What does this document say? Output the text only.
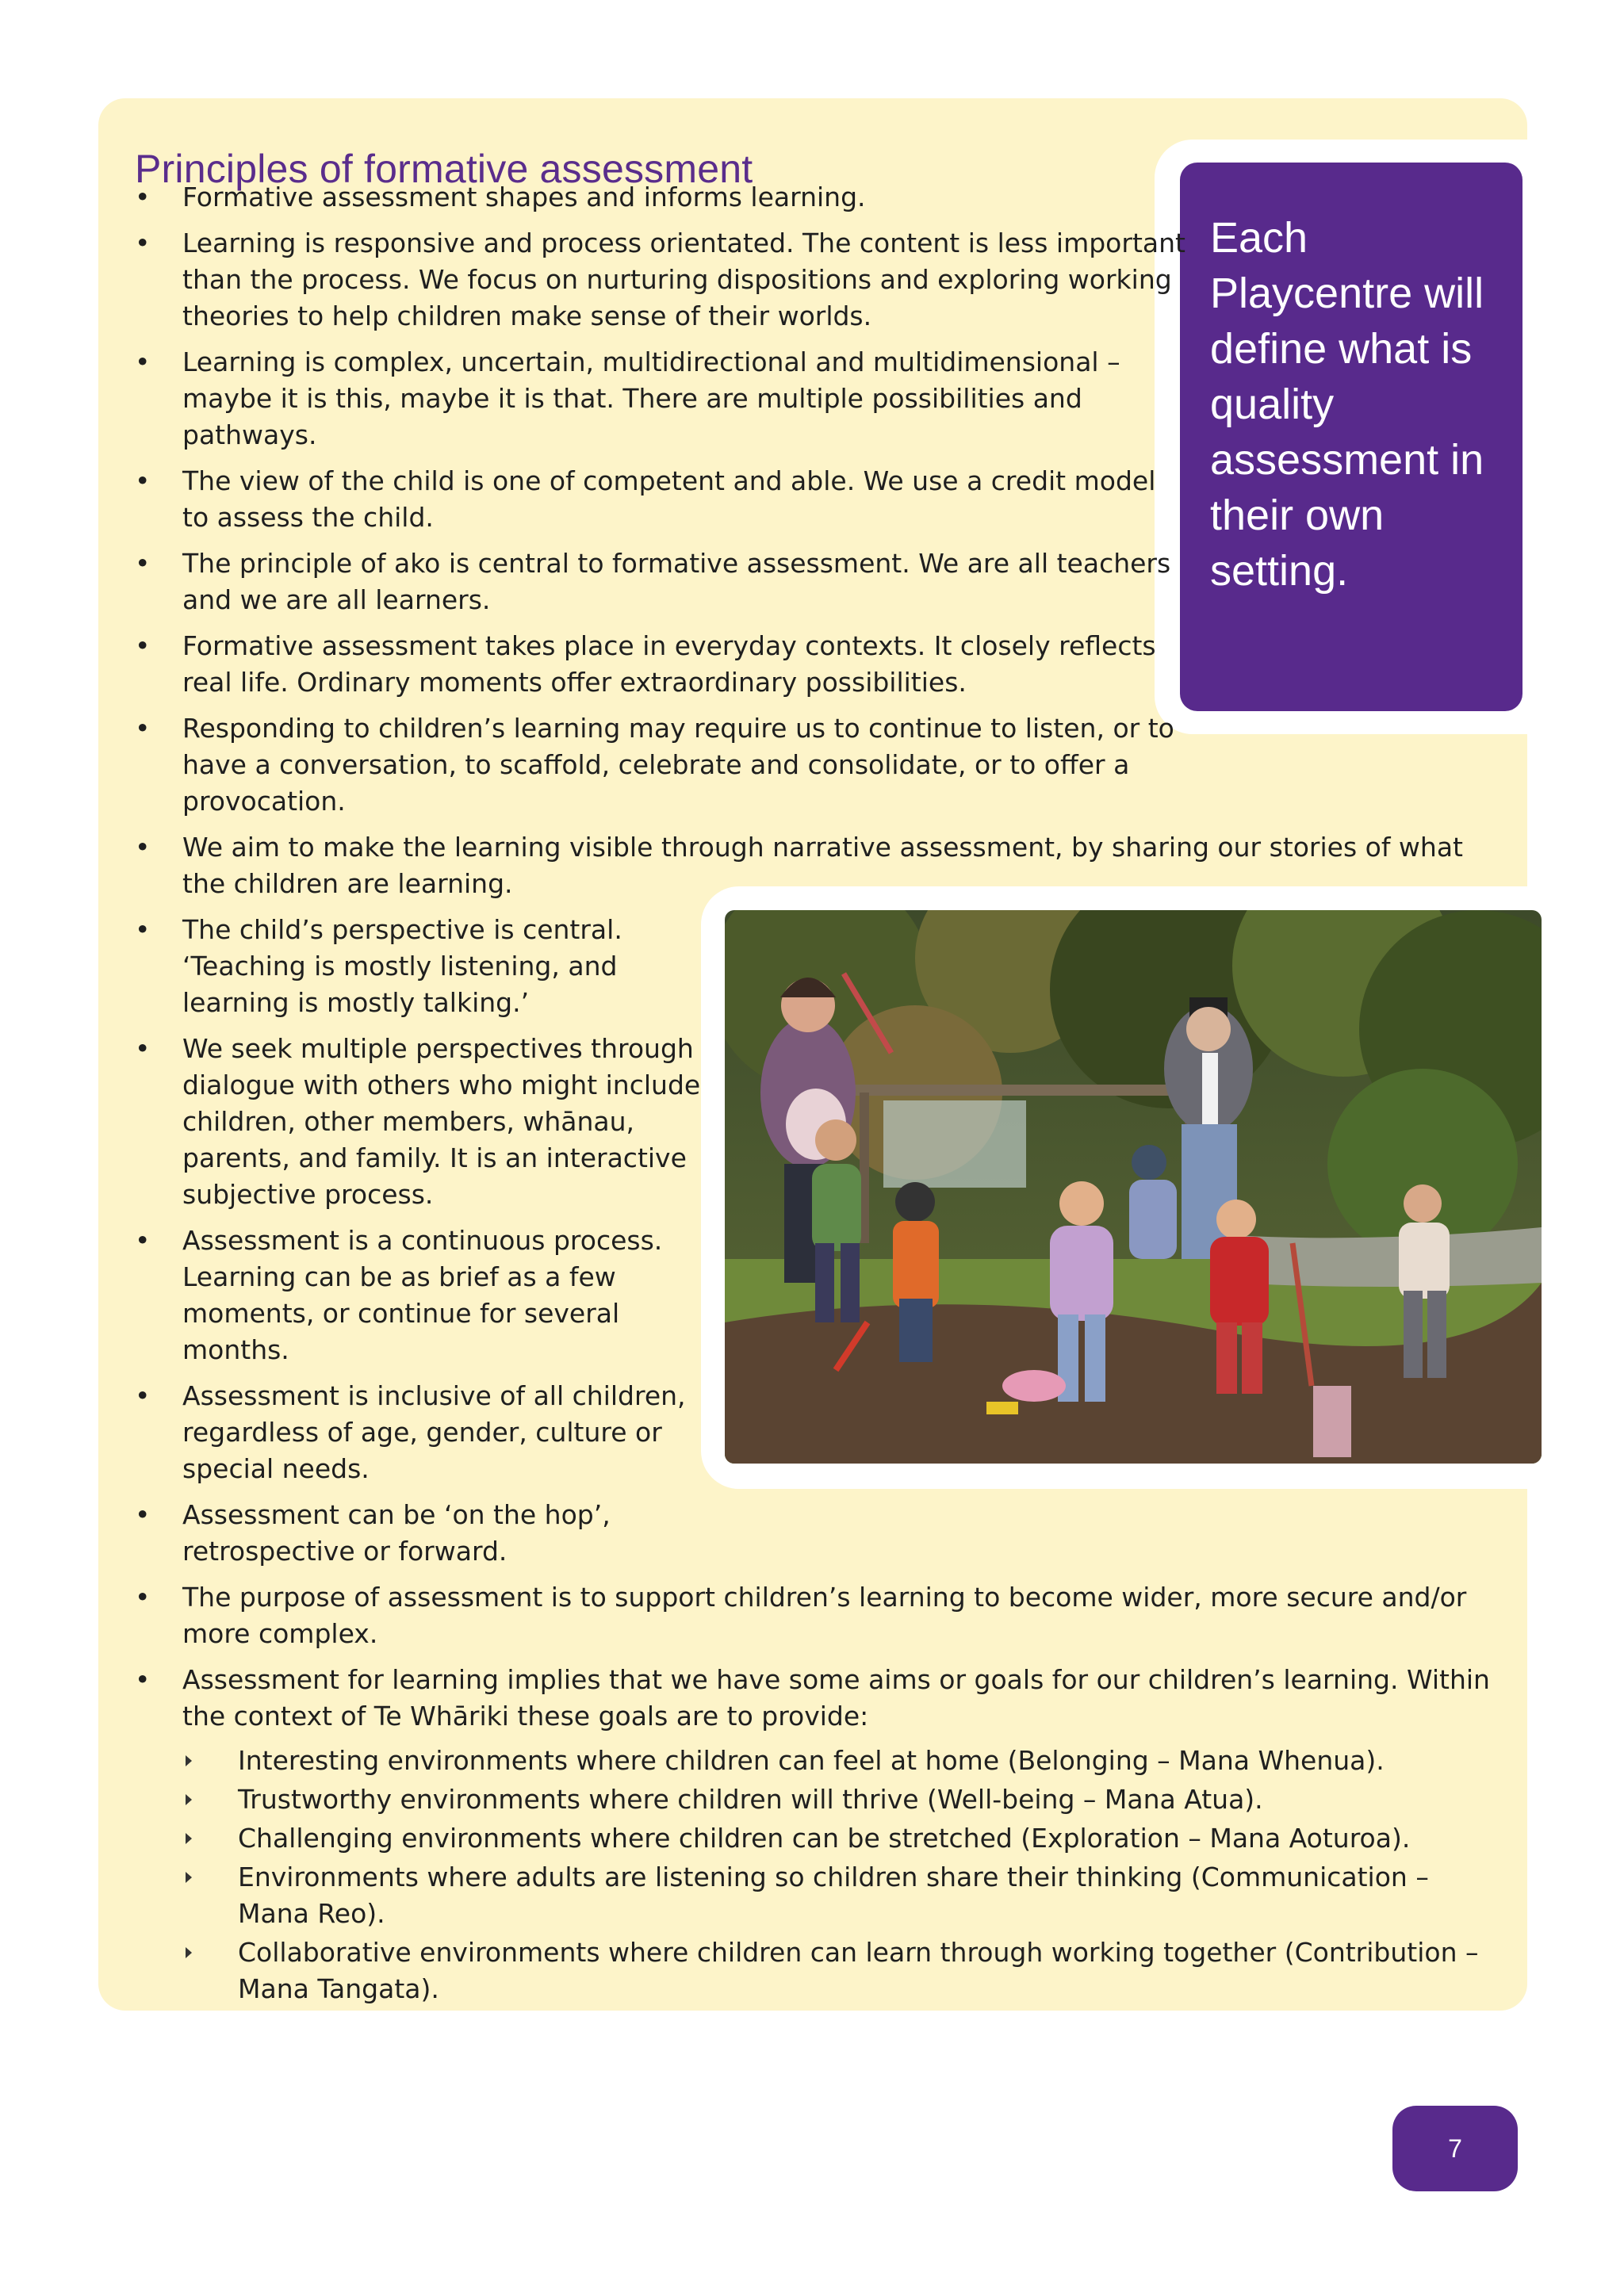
Principles of formative assessment
Each Playcentre will define what is quality assessment in their own setting.
• Formative assessment shapes and informs learning.
• Learning is responsive and process orientated. The content is less important than the process. We focus on nurturing dispositions and exploring working theories to help children make sense of their worlds.
• Learning is complex, uncertain, multidirectional and multidimensional – maybe it is this, maybe it is that. There are multiple possibilities and pathways.
• The view of the child is one of competent and able. We use a credit model to assess the child.
• The principle of ako is central to formative assessment. We are all teachers and we are all learners.
• Formative assessment takes place in everyday contexts. It closely reflects real life. Ordinary moments offer extraordinary possibilities.
• Responding to children’s learning may require us to continue to listen, or to have a conversation, to scaffold, celebrate and consolidate, or to offer a provocation.
• We aim to make the learning visible through narrative assessment, by sharing our stories of what the children are learning.
• The child’s perspective is central. ‘Teaching is mostly listening, and learning is mostly talking.’
• We seek multiple perspectives through dialogue with others who might include children, other members, whānau, parents, and family. It is an interactive subjective process.
• Assessment is a continuous process. Learning can be as brief as a few moments, or continue for several months.
• Assessment is inclusive of all children, regardless of age, gender, culture or special needs.
• Assessment can be ‘on the hop’, retrospective or forward.
• The purpose of assessment is to support children’s learning to become wider, more secure and/or more complex.
• Assessment for learning implies that we have some aims or goals for our children’s learning. Within the context of Te Whāriki these goals are to provide:
Interesting environments where children can feel at home (Belonging – Mana Whenua).
Trustworthy environments where children will thrive (Well-being – Mana Atua).
Challenging environments where children can be stretched (Exploration – Mana Aoturoa).
Environments where adults are listening so children share their thinking (Communication – Mana Reo).
Collaborative environments where children can learn through working together (Contribution – Mana Tangata).
7
